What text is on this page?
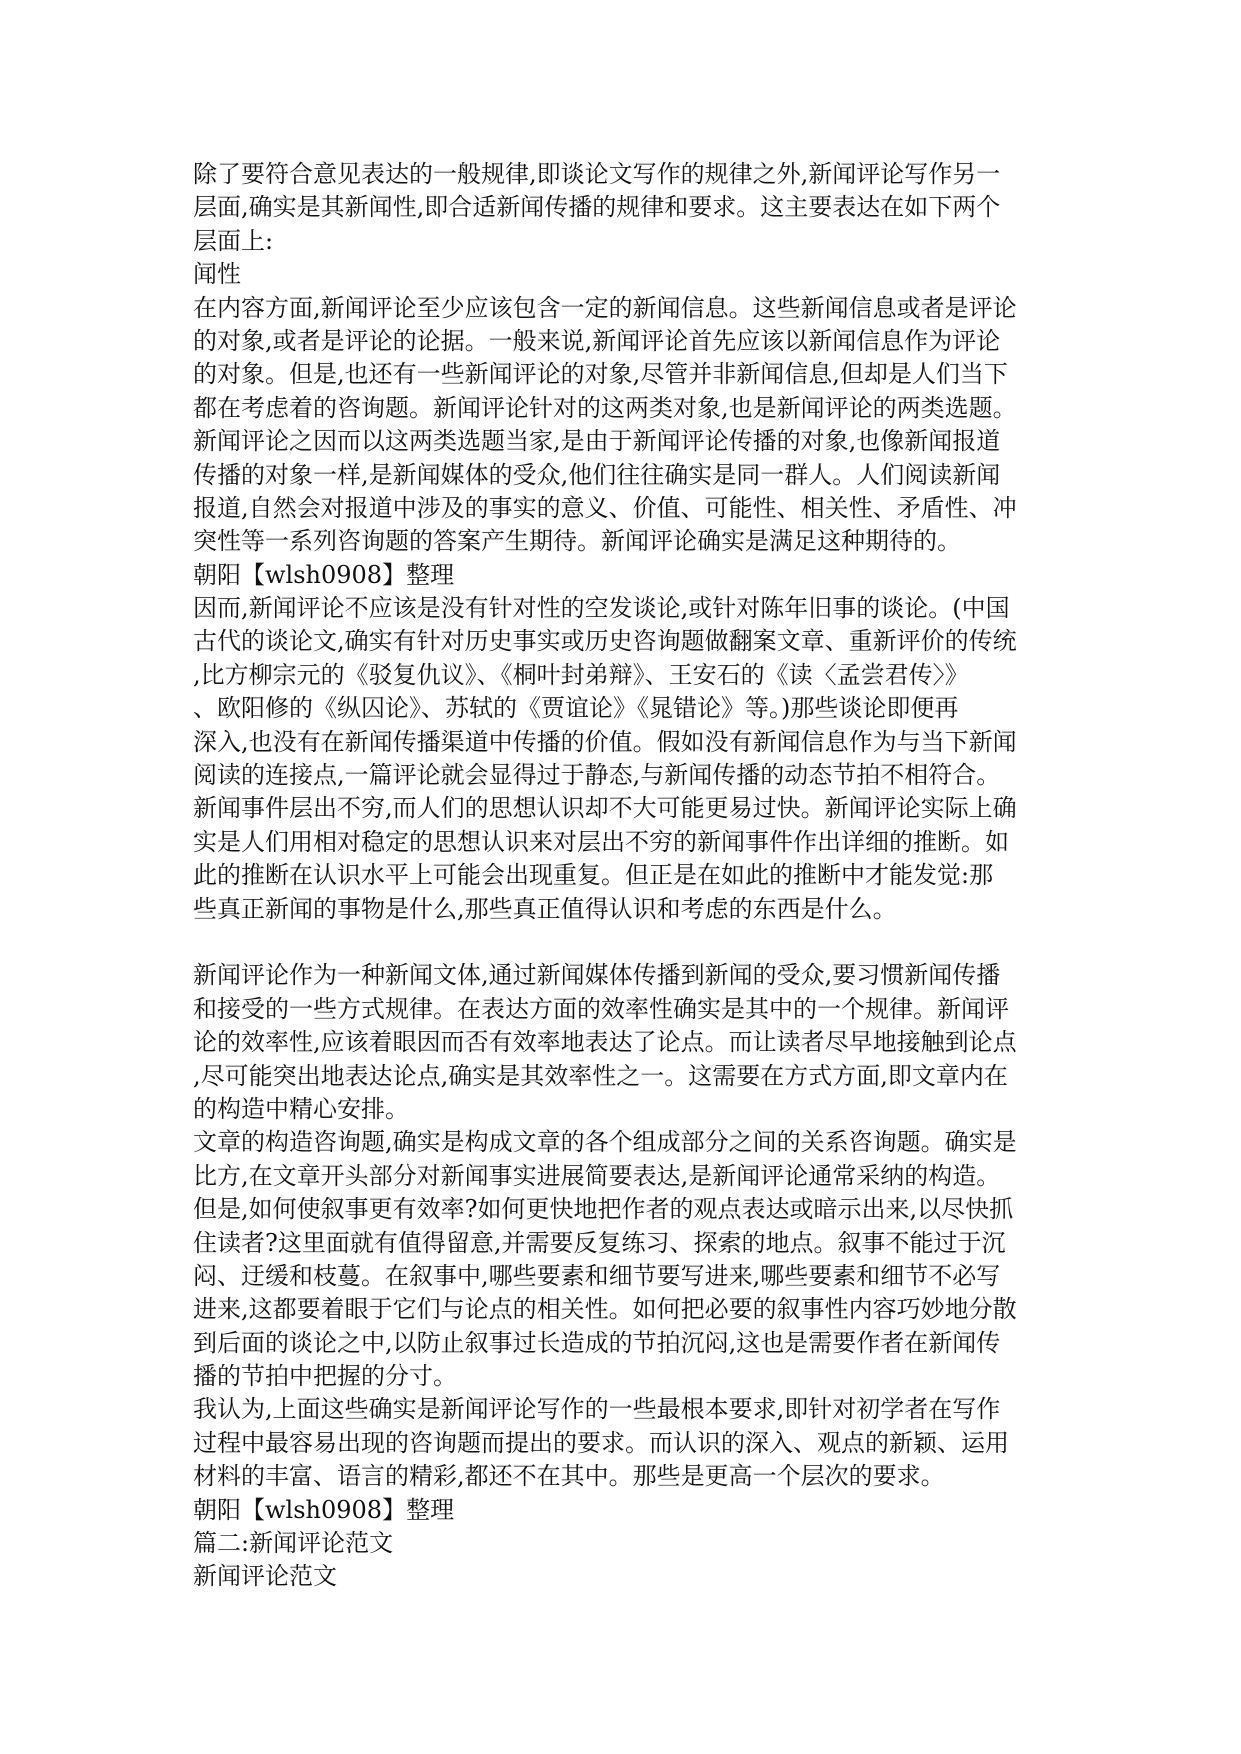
除了要符合意见表达的一般规律,即谈论文写作的规律之外,新闻评论写作另一
层面,确实是其新闻性,即合适新闻传播的规律和要求。这主要表达在如下两个
层面上:
闻性
在内容方面,新闻评论至少应该包含一定的新闻信息。这些新闻信息或者是评论
的对象,或者是评论的论据。一般来说,新闻评论首先应该以新闻信息作为评论
的对象。但是,也还有一些新闻评论的对象,尽管并非新闻信息,但却是人们当下
都在考虑着的咨询题。新闻评论针对的这两类对象,也是新闻评论的两类选题。
新闻评论之因而以这两类选题当家,是由于新闻评论传播的对象,也像新闻报道
传播的对象一样,是新闻媒体的受众,他们往往确实是同一群人。人们阅读新闻
报道,自然会对报道中涉及的事实的意义、价值、可能性、相关性、矛盾性、冲
突性等一系列咨询题的答案产生期待。新闻评论确实是满足这种期待的。
朝阳【wlsh0908】整理
因而,新闻评论不应该是没有针对性的空发谈论,或针对陈年旧事的谈论。(中国
古代的谈论文,确实有针对历史事实或历史咨询题做翻案文章、重新评价的传统
,比方柳宗元的《驳复仇议》、《桐叶封弟辩》、王安石的《读〈孟尝君传〉》
、欧阳修的《纵囚论》、苏轼的《贾谊论》《晁错论》等。)那些谈论即便再
深入,也没有在新闻传播渠道中传播的价值。假如没有新闻信息作为与当下新闻
阅读的连接点,一篇评论就会显得过于静态,与新闻传播的动态节拍不相符合。
新闻事件层出不穷,而人们的思想认识却不大可能更易过快。新闻评论实际上确
实是人们用相对稳定的思想认识来对层出不穷的新闻事件作出详细的推断。如
此的推断在认识水平上可能会出现重复。但正是在如此的推断中才能发觉:那
些真正新闻的事物是什么,那些真正值得认识和考虑的东西是什么。
新闻评论作为一种新闻文体,通过新闻媒体传播到新闻的受众,要习惯新闻传播
和接受的一些方式规律。在表达方面的效率性确实是其中的一个规律。新闻评
论的效率性,应该着眼因而否有效率地表达了论点。而让读者尽早地接触到论点
,尽可能突出地表达论点,确实是其效率性之一。这需要在方式方面,即文章内在
的构造中精心安排。
文章的构造咨询题,确实是构成文章的各个组成部分之间的关系咨询题。确实是
比方,在文章开头部分对新闻事实进展简要表达,是新闻评论通常采纳的构造。
但是,如何使叙事更有效率?如何更快地把作者的观点表达或暗示出来,以尽快抓
住读者?这里面就有值得留意,并需要反复练习、探索的地点。叙事不能过于沉
闷、迂缓和枝蔓。在叙事中,哪些要素和细节要写进来,哪些要素和细节不必写
进来,这都要着眼于它们与论点的相关性。如何把必要的叙事性内容巧妙地分散
到后面的谈论之中,以防止叙事过长造成的节拍沉闷,这也是需要作者在新闻传
播的节拍中把握的分寸。
我认为,上面这些确实是新闻评论写作的一些最根本要求,即针对初学者在写作
过程中最容易出现的咨询题而提出的要求。而认识的深入、观点的新颖、运用
材料的丰富、语言的精彩,都还不在其中。那些是更高一个层次的要求。
朝阳【wlsh0908】整理
篇二:新闻评论范文
新闻评论范文
